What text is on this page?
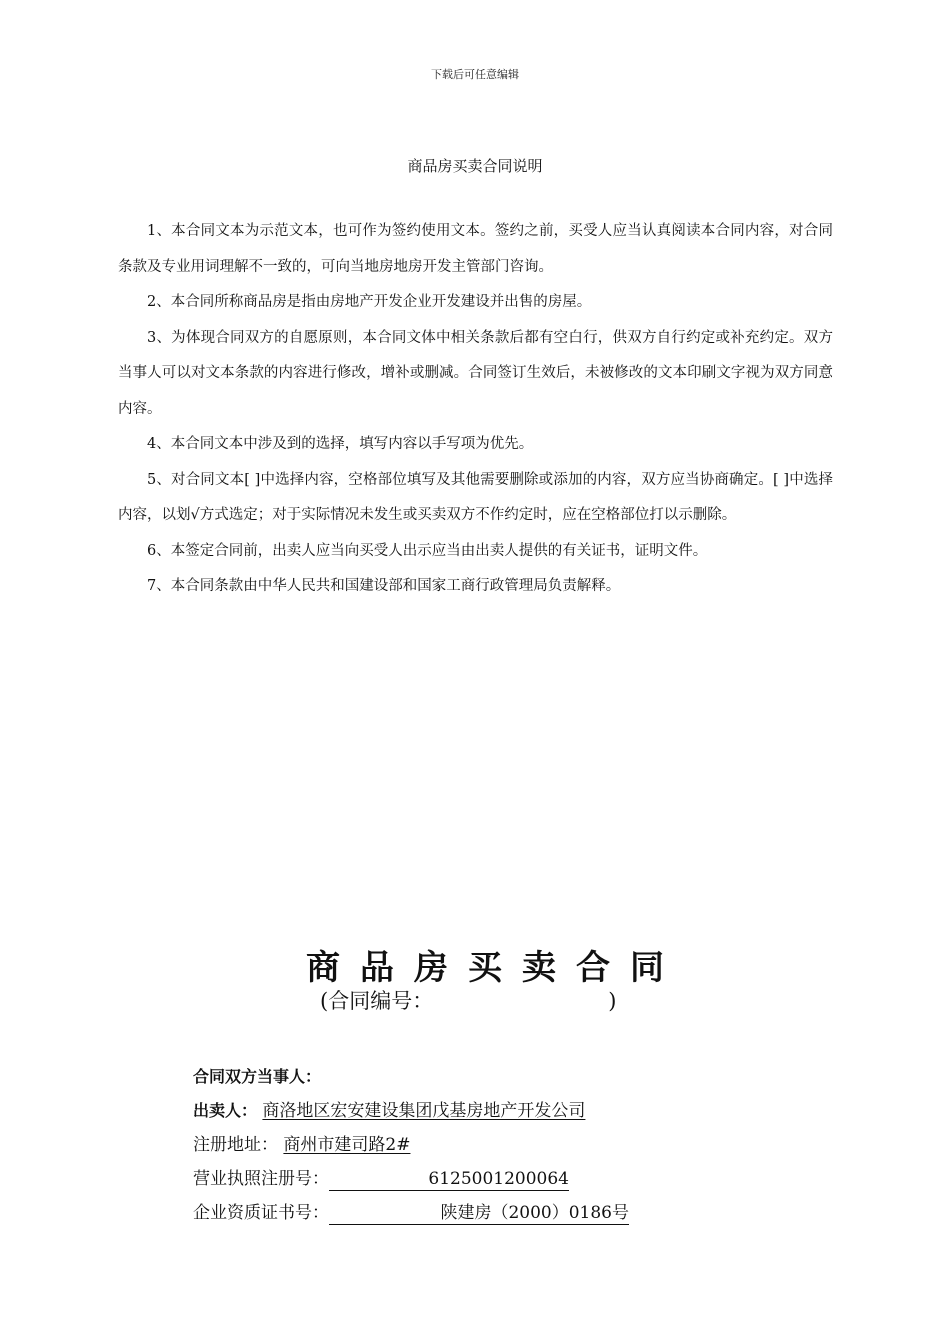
下载后可任意编辑
商品房买卖合同说明

1、本合同文本为示范文本，也可作为签约使用文本。签约之前，买受人应当认真阅读本合同内容，对合同条款及专业用词理解不一致的，可向当地房地房开发主管部门咨询。

2、本合同所称商品房是指由房地产开发企业开发建设并出售的房屋。

3、为体现合同双方的自愿原则，本合同文体中相关条款后都有空白行，供双方自行约定或补充约定。双方当事人可以对文本条款的内容进行修改，增补或删减。合同签订生效后，未被修改的文本印刷文字视为双方同意内容。

4、本合同文本中涉及到的选择，填写内容以手写项为优先。

5、对合同文本[ ]中选择内容，空格部位填写及其他需要删除或添加的内容，双方应当协商确定。[ ]中选择内容，以划√方式选定；对于实际情况未发生或买卖双方不作约定时，应在空格部位打以示删除。

6、本签定合同前，出卖人应当向买受人出示应当由出卖人提供的有关证书，证明文件。

7、本合同条款由中华人民共和国建设部和国家工商行政管理局负责解释。

商品房买卖合同
(合同编号：	)
合同双方当事人：
出卖人： 商洛地区宏安建设集团戊基房地产开发公司
注册地址： 商州市建司路2#
营业执照注册号：	6125001200064
企业资质证书号：	陕建房（2000）0186号
